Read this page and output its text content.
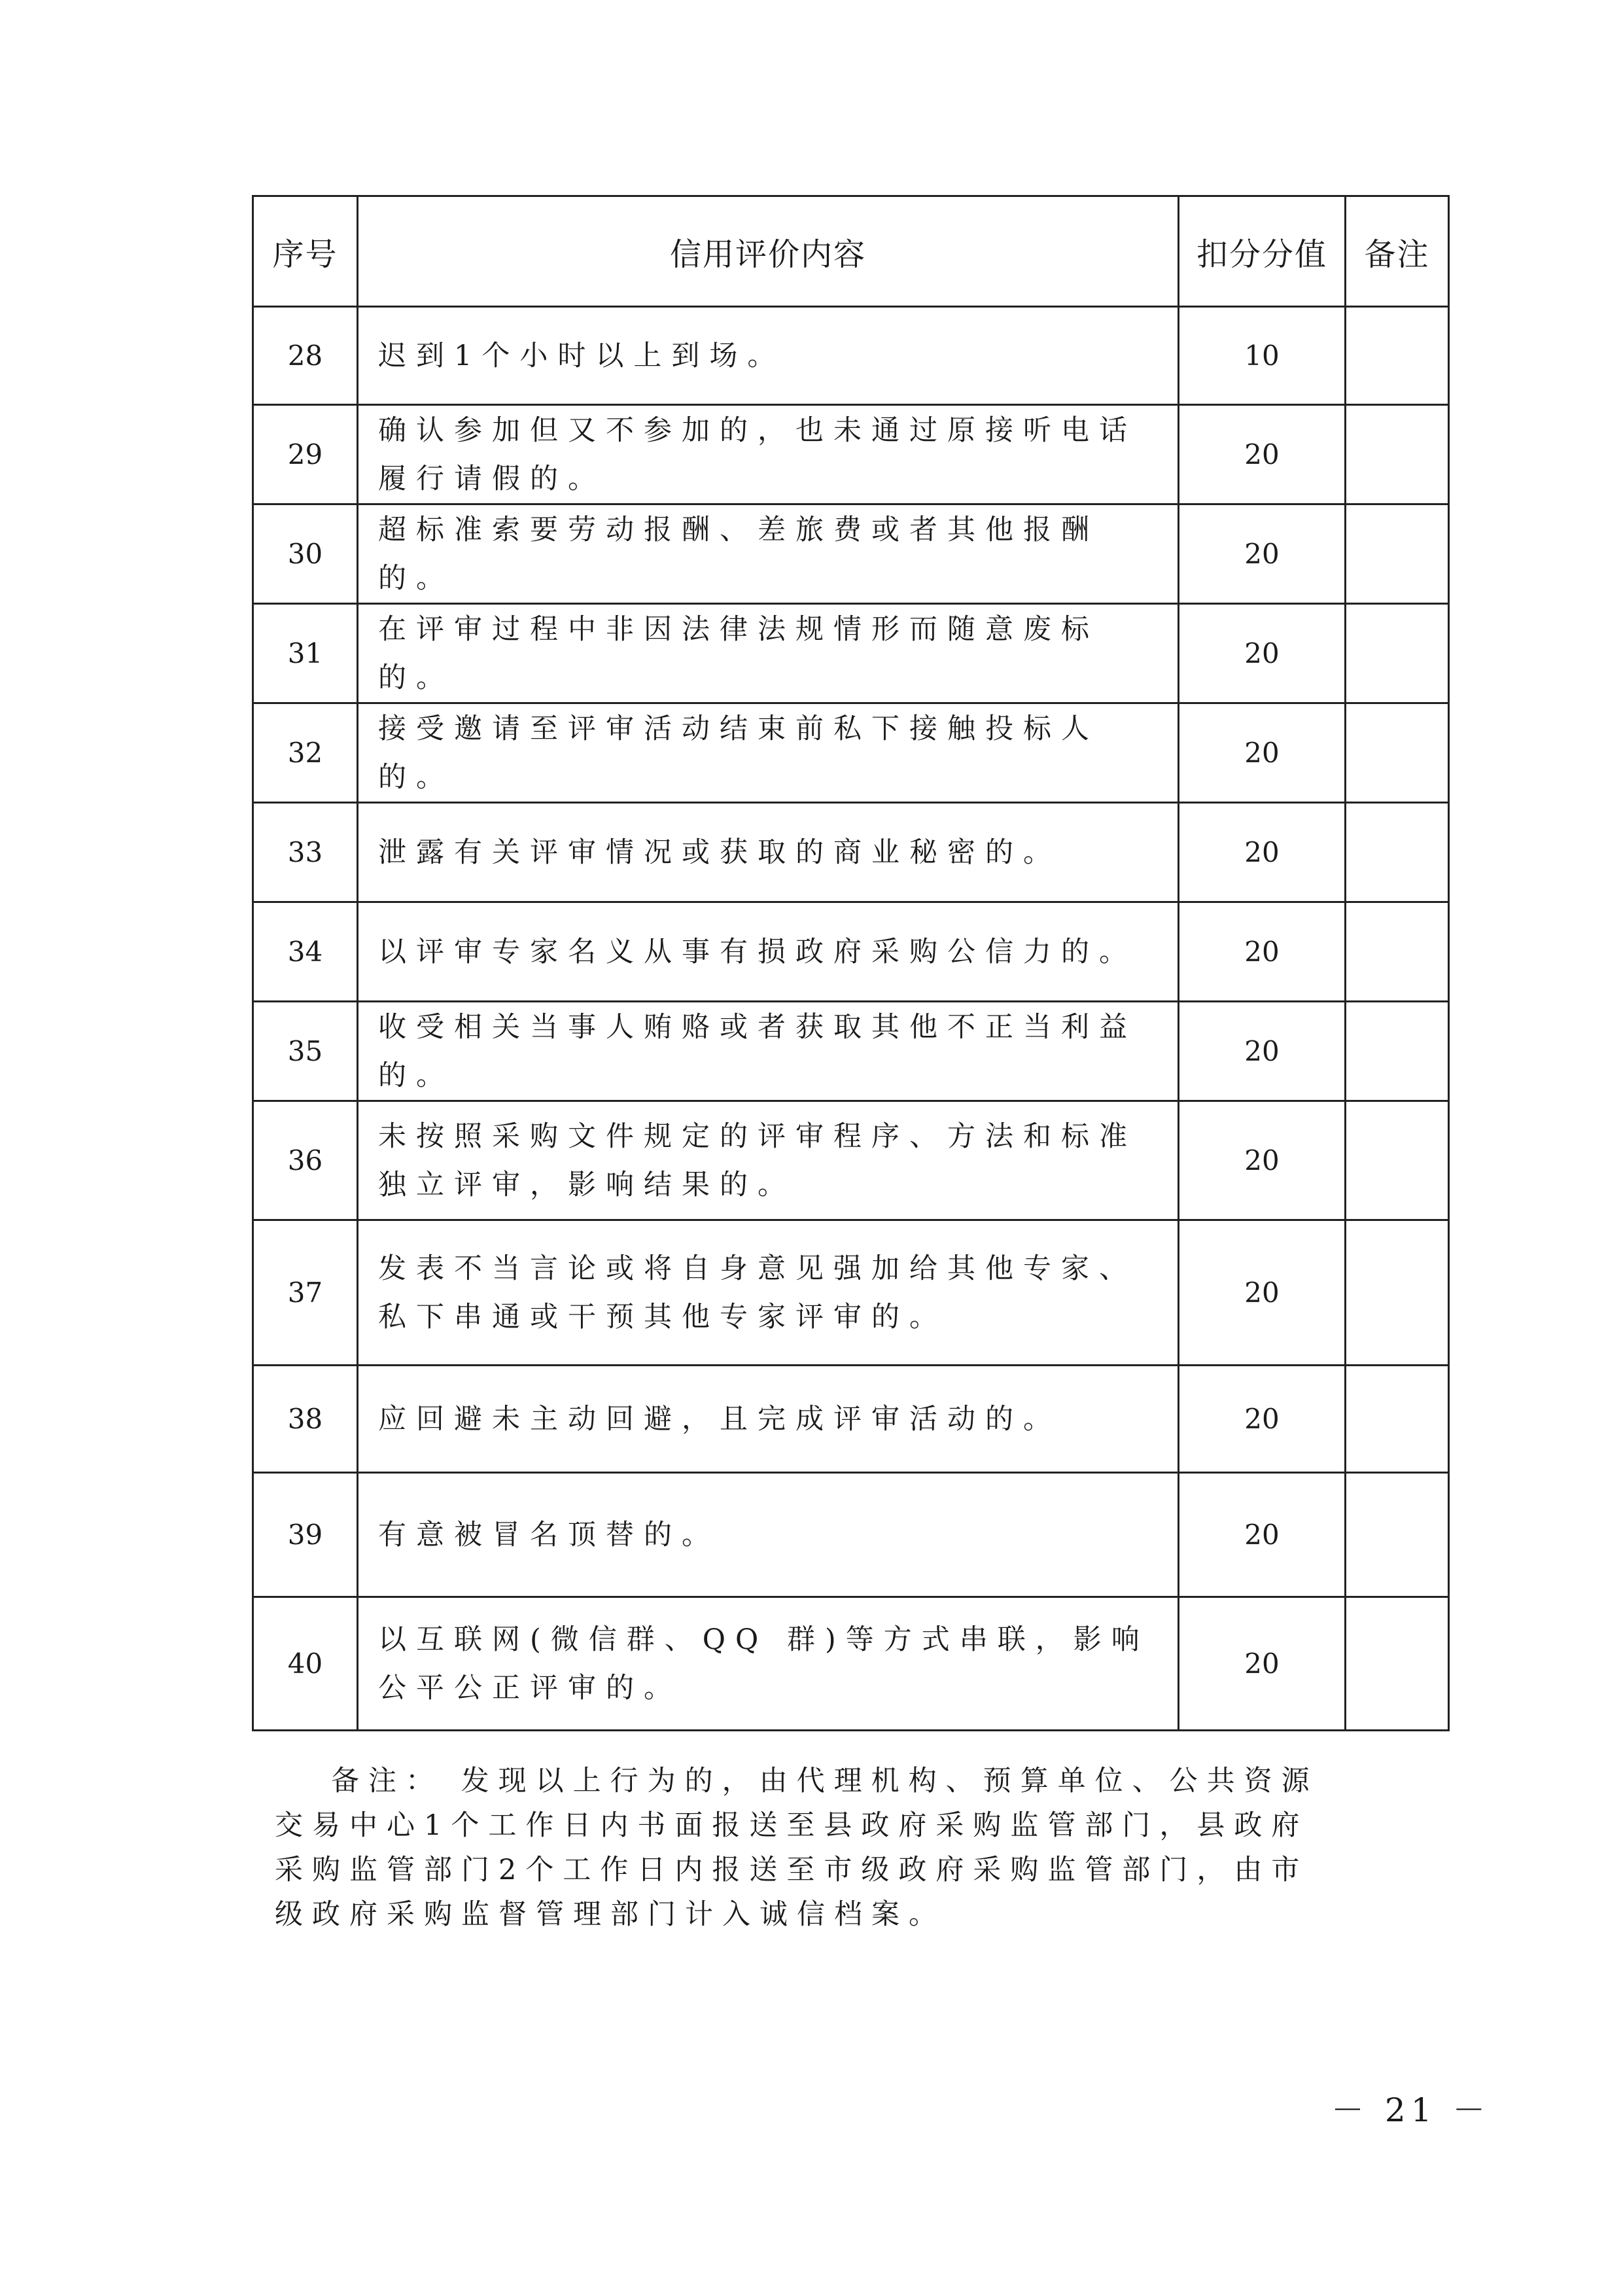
序号	信用评价内容	扣分分值	备注
28	迟到1个小时以上到场。	10	
29	确认参加但又不参加的，也未通过原接听电话履行请假的。	20	
30	超标准索要劳动报酬、差旅费或者其他报酬的。	20	
31	在评审过程中非因法律法规情形而随意废标的。	20	
32	接受邀请至评审活动结束前私下接触投标人的。	20	
33	泄露有关评审情况或获取的商业秘密的。	20	
34	以评审专家名义从事有损政府采购公信力的。	20	
35	收受相关当事人贿赂或者获取其他不正当利益的。	20	
36	未按照采购文件规定的评审程序、方法和标准独立评审，影响结果的。	20	
37	发表不当言论或将自身意见强加给其他专家、私下串通或干预其他专家评审的。	20	
38	应回避未主动回避，且完成评审活动的。	20	
39	有意被冒名顶替的。	20	
40	以互联网(微信群、QQ 群)等方式串联，影响公平公正评审的。	20	

备注： 发现以上行为的，由代理机构、预算单位、公共资源交易中心1个工作日内书面报送至县政府采购监管部门，县政府采购监管部门2个工作日内报送至市级政府采购监管部门，由市级政府采购监督管理部门计入诚信档案。

－ 21 －
